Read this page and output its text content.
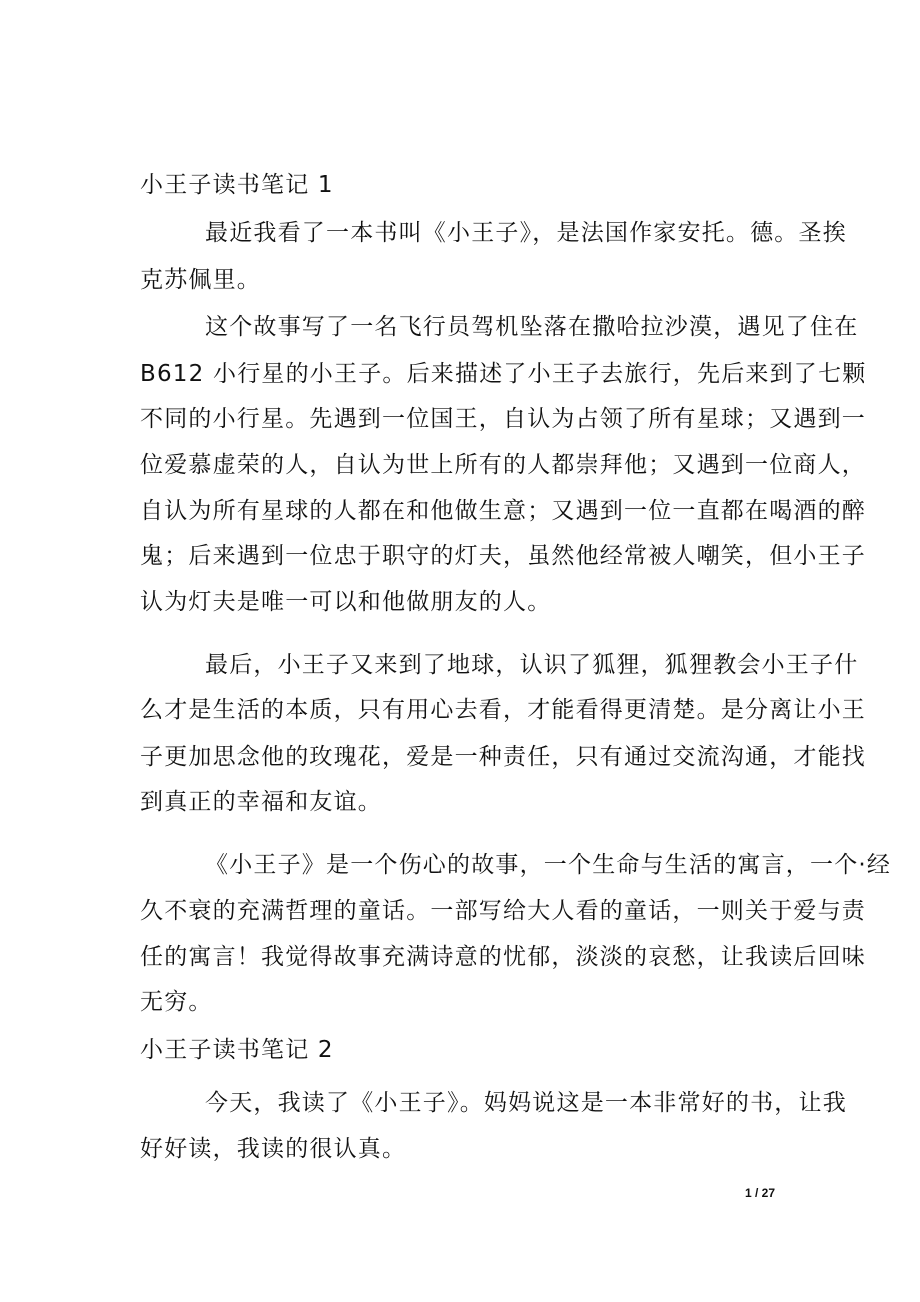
小王子读书笔记 1
最近我看了一本书叫《小王子》，是法国作家安托。德。圣挨
克苏佩里。
这个故事写了一名飞行员驾机坠落在撒哈拉沙漠，遇见了住在
B612 小行星的小王子。后来描述了小王子去旅行，先后来到了七颗
不同的小行星。先遇到一位国王，自认为占领了所有星球；又遇到一
位爱慕虚荣的人，自认为世上所有的人都崇拜他；又遇到一位商人，
自认为所有星球的人都在和他做生意；又遇到一位一直都在喝酒的醉
鬼；后来遇到一位忠于职守的灯夫，虽然他经常被人嘲笑，但小王子
认为灯夫是唯一可以和他做朋友的人。
最后，小王子又来到了地球，认识了狐狸，狐狸教会小王子什
么才是生活的本质，只有用心去看，才能看得更清楚。是分离让小王
子更加思念他的玫瑰花，爱是一种责任，只有通过交流沟通，才能找
到真正的幸福和友谊。
《小王子》是一个伤心的故事，一个生命与生活的寓言，一个·经
久不衰的充满哲理的童话。一部写给大人看的童话，一则关于爱与责
任的寓言！我觉得故事充满诗意的忧郁，淡淡的哀愁，让我读后回味
无穷。
小王子读书笔记 2
今天，我读了《小王子》。妈妈说这是一本非常好的书，让我
好好读，我读的很认真。
1 / 27
